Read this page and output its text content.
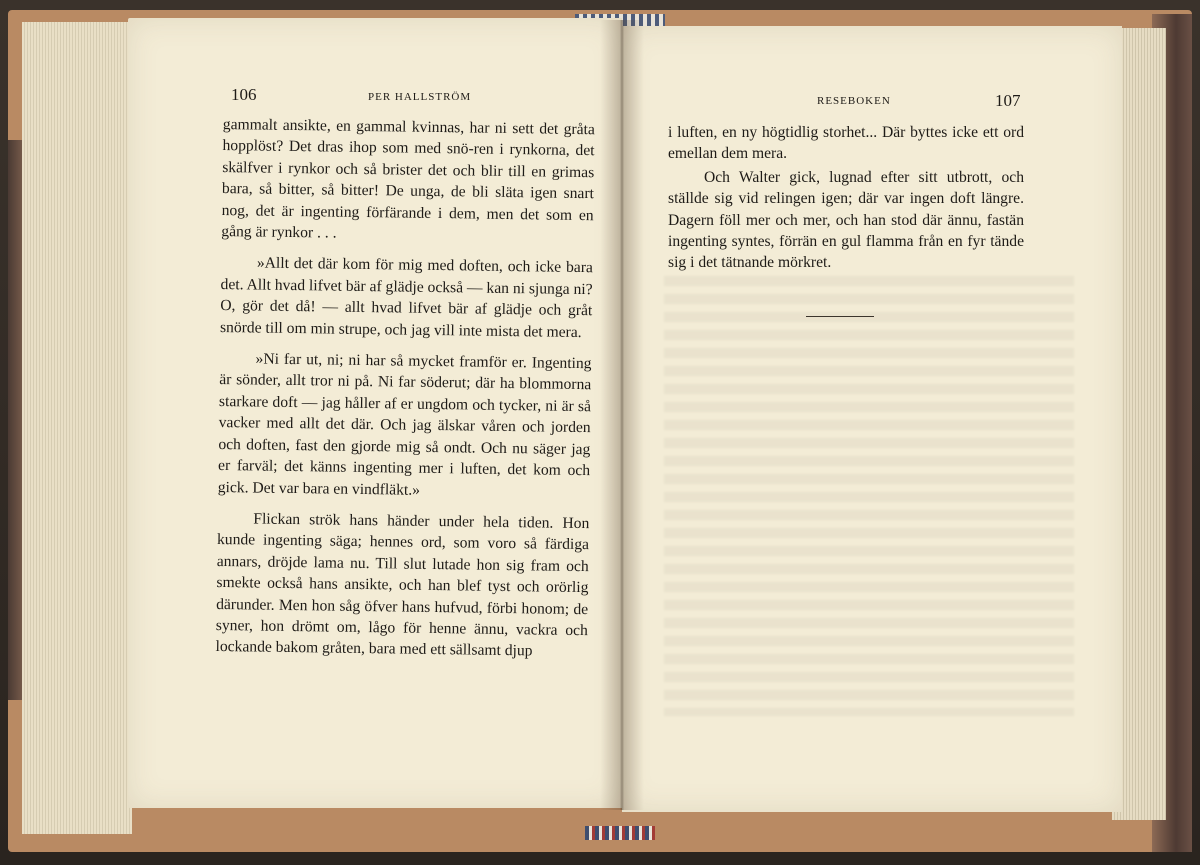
106	PER HALLSTRÖM	RESEBOKEN	107

gammalt ansikte, en gammal kvinnas, har ni sett det gråta hopplöst? Det dras ihop som med snö-ren i rynkorna, det skälfver i rynkor och så brister det och blir till en grimas bara, så bitter, så bitter! De unga, de bli släta igen snart nog, det är ingenting förfärande i dem, men det som en gång är rynkor . . .

»Allt det där kom för mig med doften, och icke bara det. Allt hvad lifvet bär af glädje också — kan ni sjunga ni? O, gör det då! — allt hvad lifvet bär af glädje och gråt snörde till om min strupe, och jag vill inte mista det mera.

»Ni far ut, ni; ni har så mycket framför er. Ingenting är sönder, allt tror ni på. Ni far söderut; där ha blommorna starkare doft — jag håller af er ungdom och tycker, ni är så vacker med allt det där. Och jag älskar våren och jorden och doften, fast den gjorde mig så ondt. Och nu säger jag er farväl; det känns ingenting mer i luften, det kom och gick. Det var bara en vindfläkt.»

Flickan strök hans händer under hela tiden. Hon kunde ingenting säga; hennes ord, som voro så färdiga annars, dröjde lama nu. Till slut lutade hon sig fram och smekte också hans ansikte, och han blef tyst och orörlig därunder. Men hon såg öfver hans hufvud, förbi honom; de syner, hon drömt om, lågo för henne ännu, vackra och lockande bakom gråten, bara med ett sällsamt djup

i luften, en ny högtidlig storhet... Där byttes icke ett ord emellan dem mera.

Och Walter gick, lugnad efter sitt utbrott, och ställde sig vid relingen igen; där var ingen doft längre. Dagern föll mer och mer, och han stod där ännu, fastän ingenting syntes, förrän en gul flamma från en fyr tände sig i det tätnande mörkret.
